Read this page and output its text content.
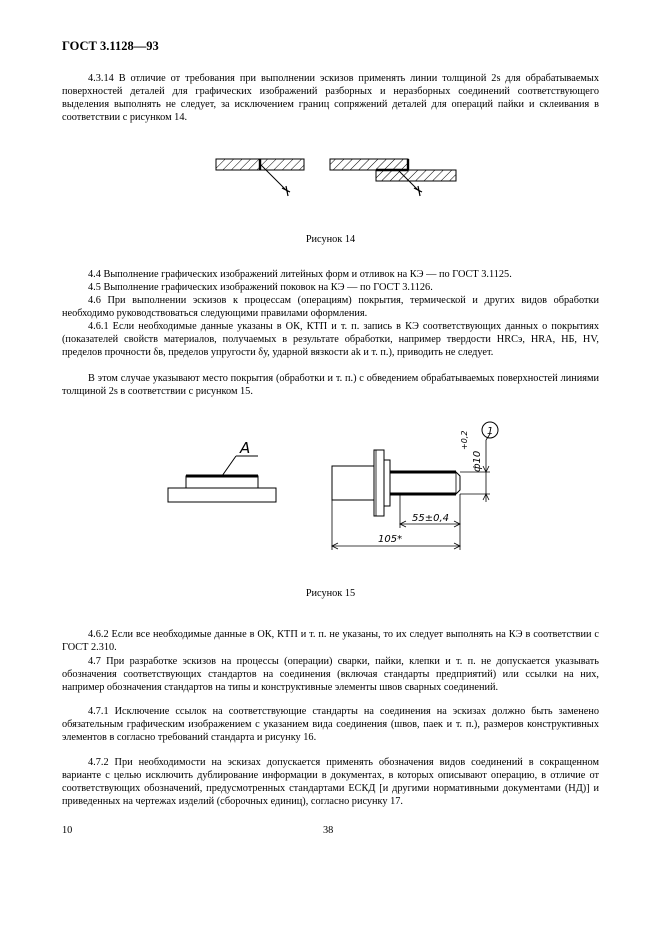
ГОСТ 3.1128—93

4.3.14 В отличие от требования при выполнении эскизов применять линии толщиной 2s для обрабатываемых поверхностей деталей для графических изображений разборных и неразборных соединений соответствующего выделения выполнять не следует, за исключением границ сопряжений деталей для операций пайки и склеивания в соответствии с рисунком 14.

Рисунок 14

4.4 Выполнение графических изображений литейных форм и отливок на КЭ — по ГОСТ 3.1125.

4.5 Выполнение графических изображений поковок на КЭ — по ГОСТ 3.1126.

4.6 При выполнении эскизов к процессам (операциям) покрытия, термической и других видов обработки необходимо руководствоваться следующими правилами оформления.

4.6.1 Если необходимые данные указаны в ОК, КТП и т. п. запись в КЭ соответствующих данных о покрытиях (показателей свойств материалов, получаемых в результате обработки, например твердости HRCэ, HRA, НБ, HV, пределов прочности δв, пределов упругости δу, ударной вязкости ak и т. п.), приводить не следует.

В этом случае указывают место покрытия (обработки и т. п.) с обведением обрабатываемых поверхностей линиями толщиной 2s в соответствии с рисунком 15.

А
ф10
+0,2 1
55±0,4
105*
Рисунок 15

4.6.2 Если все необходимые данные в ОК, КТП и т. п. не указаны, то их следует выполнять на КЭ в соответствии с ГОСТ 2.310.

4.7 При разработке эскизов на процессы (операции) сварки, пайки, клепки и т. п. не допускается указывать обозначения соответствующих стандартов на соединения (включая стандарты предприятий) или ссылки на них, например обозначения стандартов на типы и конструктивные элементы швов сварных соединений.

4.7.1 Исключение ссылок на соответствующие стандарты на соединения на эскизах должно быть заменено обязательным графическим изображением с указанием вида соединения (швов, паек и т. п.), размеров конструктивных элементов в согласно требований стандарта и рисунку 16.

4.7.2 При необходимости на эскизах допускается применять обозначения видов соединений в сокращенном варианте с целью исключить дублирование информации в документах, в которых описывают операцию, в отличие от соответствующих обозначений, предусмотренных стандартами ЕСКД [и другими нормативными документами (НД)] и приведенных на чертежах изделий (сборочных единиц), согласно рисунку 17.

10	38
